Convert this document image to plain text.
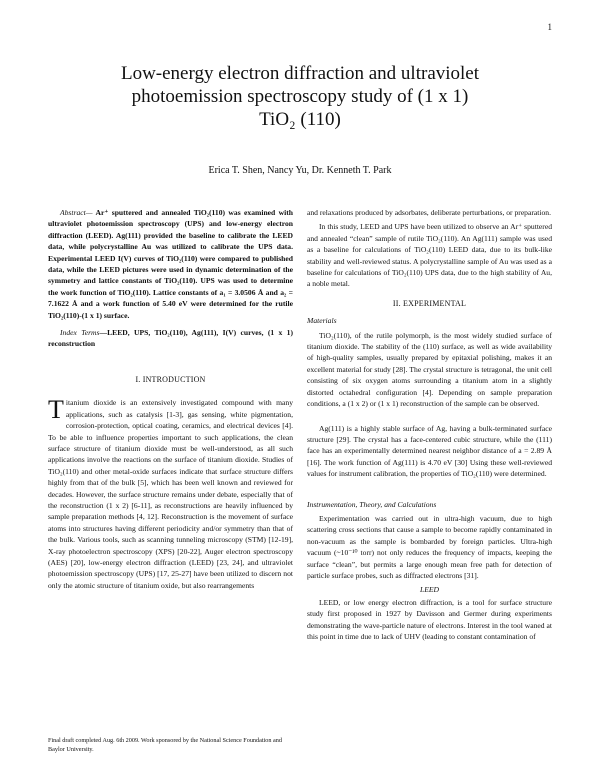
1
Low-energy electron diffraction and ultraviolet
photoemission spectroscopy study of (1 x 1)
TiO₂ (110)
Erica T. Shen, Nancy Yu, Dr. Kenneth T. Park

Abstract— Ar⁺ sputtered and annealed TiO₂(110) was examined with ultraviolet photoemission spectroscopy (UPS) and low-energy electron diffraction (LEED). Ag(111) provided the baseline to calibrate the LEED data, while polycrystalline Au was utilized to calibrate the UPS data. Experimental LEED I(V) curves of TiO₂(110) were compared to published data, while the LEED pictures were used in dynamic determination of the symmetry and lattice constants of TiO₂(110). UPS was used to determine the work function of TiO₂(110). Lattice constants of a₁ = 3.0506 Å and a₂ = 7.1622 Å and a work function of 5.40 eV were determined for the rutile TiO₂(110)-(1 x 1) surface.

Index Terms—LEED, UPS, TiO₂(110), Ag(111), I(V) curves, (1 x 1) reconstruction

I. INTRODUCTION

Titanium dioxide is an extensively investigated compound with many applications, such as catalysis [1-3], gas sensing, white pigmentation, corrosion-protection, optical coating, ceramics, and electrical devices [4]. To be able to influence properties important to such applications, the clean surface structure of titanium dioxide must be well-understood, as all such applications involve the reactions on the surface of titanium dioxide. Studies of TiO₂(110) and other metal-oxide surfaces indicate that surface structure differs highly from that of the bulk [5], which has been well known and reviewed for decades. However, the surface structure remains under debate, especially that of the reconstruction (1 x 2) [6-11], as reconstructions are heavily influenced by sample preparation methods [4, 12]. Reconstruction is the movement of surface atoms into structures having different periodicity and/or symmetry than that of the bulk. Various tools, such as scanning tunneling microscopy (STM) [12-19], X-ray photoelectron spectroscopy (XPS) [20-22], Auger electron spectroscopy (AES) [20], low-energy electron diffraction (LEED) [23, 24], and ultraviolet photoemission spectroscopy (UPS) [17, 25-27] have been utilized to discern not only the atomic structure of titanium oxide, but also rearrangements

Final draft completed Aug. 6th 2009. Work sponsored by the National Science Foundation and Baylor University.

and relaxations produced by adsorbates, deliberate perturbations, or preparation.

In this study, LEED and UPS have been utilized to observe an Ar⁺ sputtered and annealed “clean” sample of rutile TiO₂(110). An Ag(111) sample was used as a baseline for calculations of TiO₂(110) LEED data, due to its bulk-like stability and well-reviewed status. A polycrystalline sample of Au was used as a baseline for calculations of TiO₂(110) UPS data, due to the high stability of Au, a noble metal.

II. EXPERIMENTAL
Materials

TiO₂(110), of the rutile polymorph, is the most widely studied surface of titanium dioxide. The stability of the (110) surface, as well as wide availability of high-quality samples, usually prepared by epitaxial polishing, makes it an excellent material for study [28]. The crystal structure is tetragonal, the unit cell consisting of six oxygen atoms surrounding a titanium atom in a slightly distorted octahedral configuration [4]. Depending on sample preparation conditions, a (1 x 2) or (1 x 1) reconstruction of the sample can be observed.

Ag(111) is a highly stable surface of Ag, having a bulk-terminated surface structure [29]. The crystal has a face-centered cubic structure, while the (111) face has an experimentally determined nearest neighbor distance of a = 2.89 Å [16]. The work function of Ag(111) is 4.70 eV [30] Using these well-reviewed values for instrument calibration, the properties of TiO₂(110) were determined.

Instrumentation, Theory, and Calculations

Experimentation was carried out in ultra-high vacuum, due to high scattering cross sections that cause a sample to become rapidly contaminated in non-vacuum as the sample is bombarded by foreign particles. Ultra-high vacuum (~10⁻¹⁰ torr) not only reduces the frequency of impacts, keeping the surface “clean”, but permits a large enough mean free path for detection of particle surface probes, such as diffracted electrons [31].

LEED

LEED, or low energy electron diffraction, is a tool for surface structure study first proposed in 1927 by Davisson and Germer during experiments demonstrating the wave-particle nature of electrons. Interest in the tool waned at this point in time due to lack of UHV (leading to constant contamination of
